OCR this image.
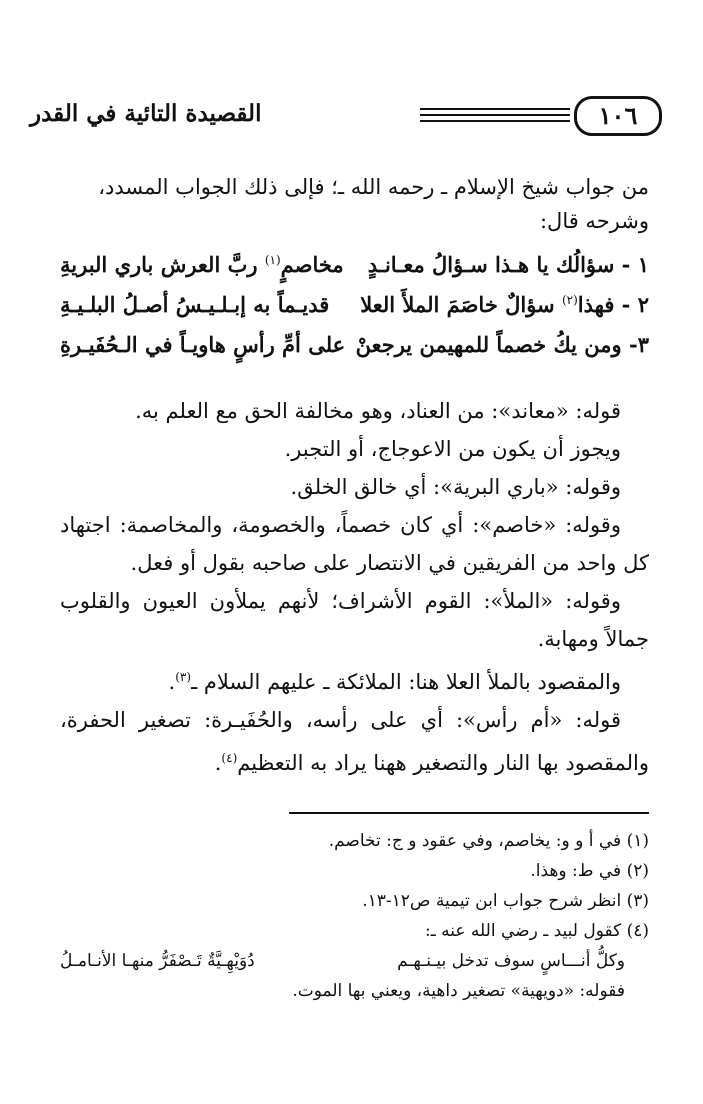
١٠٦
القصيدة التائية في القدر

من جواب شيخ الإسلام ـ رحمه الله ـ؛ فإلى ذلك الجواب المسدد،

وشرحه قال:

١ - سؤالُك يا هـذا سـؤالُ معـانـدٍ
مخاصمٍ$^{(١)}$ ربَّ العرش باري البريةِ
٢ - فهذا$^{(٢)}$ سؤالٌ خاصَمَ الملأَ العلا
قديـماً به إبـلـيـسُ أصـلُ البلـيـةِ
٣- ومن يكُ خصماً للمهيمن يرجعنْ
على أمِّ رأسٍ هاويـاً في الـحُفَيـرةِ

قوله: «معاند»: من العناد، وهو مخالفة الحق مع العلم به.

ويجوز أن يكون من الاعوجاج، أو التجبر.

وقوله: «باري البرية»: أي خالق الخلق.

وقوله: «خاصم»: أي كان خصماً، والخصومة، والمخاصمة: اجتهاد كل واحد من الفريقين في الانتصار على صاحبه بقول أو فعل.

وقوله: «الملأ»: القوم الأشراف؛ لأنهم يملأون العيون والقلوب جمالاً ومهابة.

والمقصود بالملأ العلا هنا: الملائكة ـ عليهم السلام ـ$^{(٣)}$.

قوله: «أم رأس»: أي على رأسه، والحُفَيـرة: تصغير الحفرة، والمقصود بها النار والتصغير ههنا يراد به التعظيم$^{(٤)}$.

(١) في أ و و: يخاصم، وفي عقود و ج: تخاصم.

(٢) في ط: وهذا.

(٣) انظر شرح جواب ابن تيمية ص١٢-١٣.

(٤) كقول لبيد ـ رضي الله عنه ـ:

وكلُّ أنـــاسٍ سوف تدخل بيـنـهـم
دُوَيْهِـيَّةٌ تَـصْفَرُّ منهـا الأنـامـلُ

فقوله: «دويهية» تصغير داهية، ويعني بها الموت.
